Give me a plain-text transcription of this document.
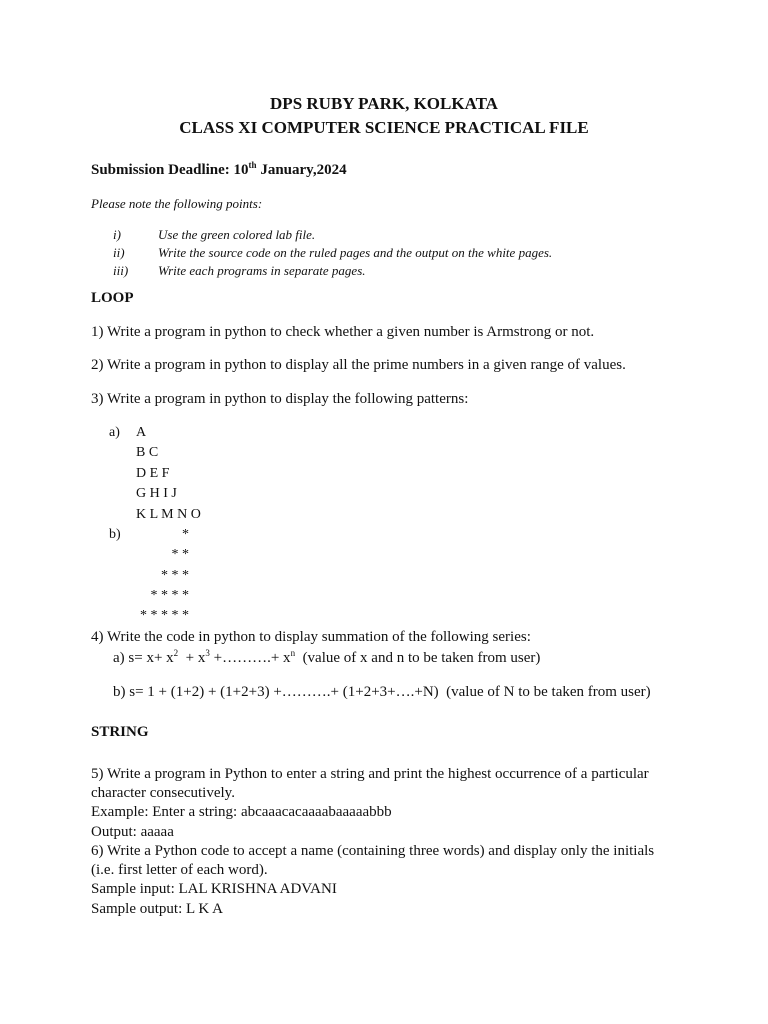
DPS RUBY PARK, KOLKATA
CLASS XI COMPUTER SCIENCE PRACTICAL FILE
Submission Deadline: 10th January,2024
Please note the following points:
i)	Use the green colored lab file.
ii)	Write the source code on the ruled pages and the output on the white pages.
iii) Write each programs in separate pages.
LOOP
1) Write a program in python to check whether a given number is Armstrong or not.
2) Write a program in python to display all the prime numbers in a given range of values.
3) Write a program in python to display the following patterns:
a) A
B C
D E F
G H I J
K L M N O
b)	*
* *
* * *
* * * *
* * * * *
4) Write the code in python to display summation of the following series:
a) $s= x+ x^2 + x^3$ +……….+ $x^n$  (value of x and n to be taken from user)
b) s= 1 + (1+2) + (1+2+3) +……….+ (1+2+3+….+N)  (value of N to be taken from user)
STRING
5) Write a program in Python to enter a string and print the highest occurrence of a particular
character consecutively.
Example: Enter a string: abcaaacacaaaabaaaaabbb
Output: aaaaa
6) Write a Python code to accept a name (containing three words) and display only the initials
(i.e. first letter of each word).
Sample input: LAL KRISHNA ADVANI
Sample output: L K A
